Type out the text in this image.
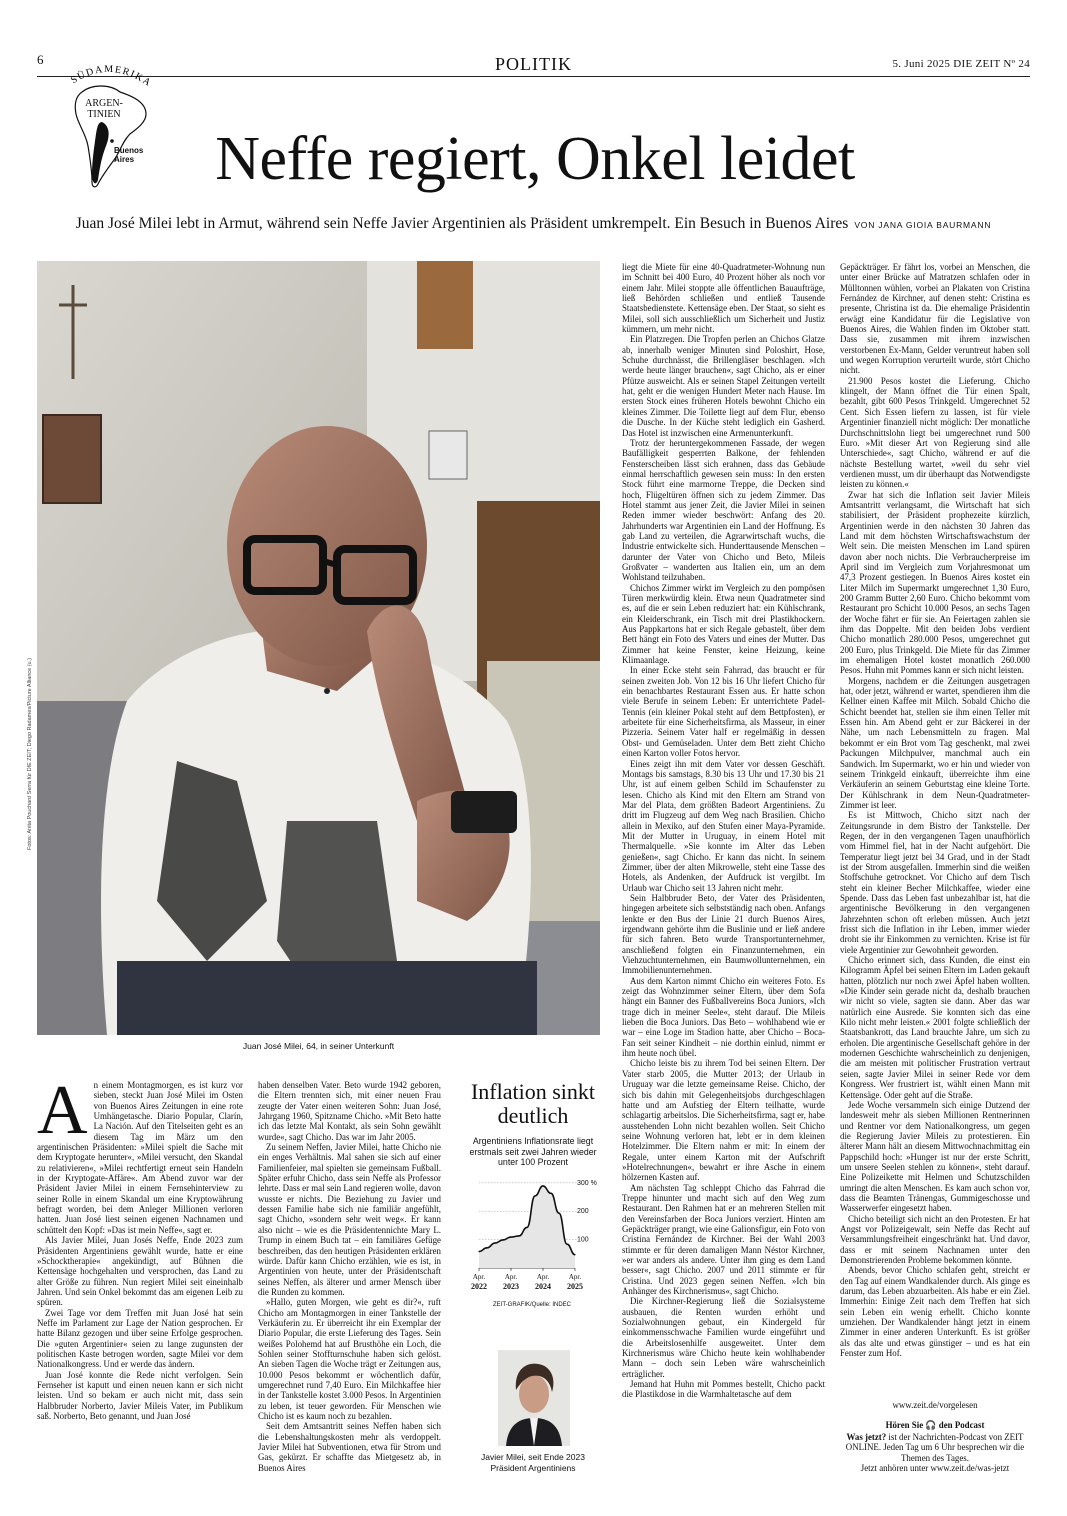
6	POLITIK	5. Juni 2025 DIE ZEIT Nº 24
SÜDAMERIKA
ARGEN-
TINIEN
Buenos
Aires	Neffe regiert, Onkel leidet
Juan José Milei lebt in Armut, während sein Neffe Javier Argentinien als Präsident umkrempelt. Ein Besuch in Buenos Aires VON JANA GIOIA BAURMANN
Fotos: Anita Pouchard Serra für DIE ZEIT; Diego Radames/Picture Alliance (u.)
Juan José Milei, 64, in seiner Unterkunft
A n einem Montagmorgen, es ist kurz vor sieben, steckt Juan José Milei im Osten von Buenos Aires Zeitungen in eine rote Umhängetasche. Diario Popular, Clarín, La Nación. Auf den Titelseiten geht es an diesem Tag im März um den argentinischen Präsidenten: »Milei spielt die Sache mit dem Kryptogate herunter«, »Milei versucht, den Skandal zu relativieren«, »Milei rechtfertigt erneut sein Handeln in der Kryptogate-Affäre«. Am Abend zuvor war der Präsident Javier Milei in einem Fernsehinterview zu seiner Rolle in einem Skandal um eine Kryptowährung befragt worden, bei dem Anleger Millionen verloren hatten. Juan José liest seinen eigenen Nachnamen und schüttelt den Kopf: »Das ist mein Neffe«, sagt er.

Als Javier Milei, Juan Josés Neffe, Ende 2023 zum Präsidenten Argentiniens gewählt wurde, hatte er eine »Schocktherapie« angekündigt, auf Bühnen die Kettensäge hochgehalten und versprochen, das Land zu alter Größe zu führen. Nun regiert Milei seit eineinhalb Jahren. Und sein Onkel bekommt das am eigenen Leib zu spüren.

Zwei Tage vor dem Treffen mit Juan José hat sein Neffe im Parlament zur Lage der Nation gesprochen. Er hatte Bilanz gezogen und über seine Erfolge gesprochen. Die »guten Argentinier« seien zu lange zugunsten der politischen Kaste betrogen worden, sagte Milei vor dem Nationalkongress. Und er werde das ändern.

Juan José konnte die Rede nicht verfolgen. Sein Fernseher ist kaputt und einen neuen kann er sich nicht leisten. Und so bekam er auch nicht mit, dass sein Halbbruder Norberto, Javier Mileis Vater, im Publikum saß. Norberto, Beto genannt, und Juan José

haben denselben Vater. Beto wurde 1942 geboren, die Eltern trennten sich, mit einer neuen Frau zeugte der Vater einen weiteren Sohn: Juan José, Jahrgang 1960, Spitzname Chicho. »Mit Beto hatte ich das letzte Mal Kontakt, als sein Sohn gewählt wurde«, sagt Chicho. Das war im Jahr 2005.

Zu seinem Neffen, Javier Milei, hatte Chicho nie ein enges Verhältnis. Mal sahen sie sich auf einer Familienfeier, mal spielten sie gemeinsam Fußball. Später erfuhr Chicho, dass sein Neffe als Professor lehrte. Dass er mal sein Land regieren wolle, davon wusste er nichts. Die Beziehung zu Javier und dessen Familie habe sich nie familiär angefühlt, sagt Chicho, »sondern sehr weit weg«. Er kann also nicht – wie es die Präsidentennichte Mary L. Trump in einem Buch tat – ein familiäres Gefüge beschreiben, das den heutigen Präsidenten erklären würde. Dafür kann Chicho erzählen, wie es ist, in Argentinien von heute, unter der Präsidentschaft seines Neffen, als älterer und armer Mensch über die Runden zu kommen.

»Hallo, guten Morgen, wie geht es dir?«, ruft Chicho am Montagmorgen in einer Tankstelle der Verkäuferin zu. Er überreicht ihr ein Exemplar der Diario Popular, die erste Lieferung des Tages. Sein weißes Polohemd hat auf Brusthöhe ein Loch, die Sohlen seiner Stoffturnschuhe haben sich gelöst. An sieben Tagen die Woche trägt er Zeitungen aus, 10.000 Pesos bekommt er wöchentlich dafür, umgerechnet rund 7,40 Euro. Ein Milchkaffee hier in der Tankstelle kostet 3.000 Pesos. In Argentinien zu leben, ist teuer geworden. Für Menschen wie Chicho ist es kaum noch zu bezahlen.

Seit dem Amtsantritt seines Neffen haben sich die Lebenshaltungskosten mehr als verdoppelt. Javier Milei hat Subventionen, etwa für Strom und Gas, gekürzt. Er schaffte das Mietgesetz ab, in Buenos Aires

Inflation sinkt
deutlich
Argentiniens Inflationsrate liegt erstmals seit zwei Jahren wieder unter 100 Prozent
300 %
200
100
Apr.
2022
Apr.
2023
Apr.
2024
Apr.
2025
ZEIT-GRAFIK/Quelle: INDEC
Javier Milei, seit Ende 2023
Präsident Argentiniens

liegt die Miete für eine 40-Quadratmeter-Wohnung nun im Schnitt bei 400 Euro, 40 Prozent höher als noch vor einem Jahr. Milei stoppte alle öffentlichen Bauaufträge, ließ Behörden schließen und entließ Tausende Staatsbedienstete. Kettensäge eben. Der Staat, so sieht es Milei, soll sich ausschließlich um Sicherheit und Justiz kümmern, um mehr nicht.

Ein Platzregen. Die Tropfen perlen an Chichos Glatze ab, innerhalb weniger Minuten sind Poloshirt, Hose, Schuhe durchnässt, die Brillengläser beschlagen. »Ich werde heute länger brauchen«, sagt Chicho, als er einer Pfütze ausweicht. Als er seinen Stapel Zeitungen verteilt hat, geht er die wenigen Hundert Meter nach Hause. Im ersten Stock eines früheren Hotels bewohnt Chicho ein kleines Zimmer. Die Toilette liegt auf dem Flur, ebenso die Dusche. In der Küche steht lediglich ein Gasherd. Das Hotel ist inzwischen eine Armenunterkunft.

Trotz der heruntergekommenen Fassade, der wegen Baufälligkeit gesperrten Balkone, der fehlenden Fensterscheiben lässt sich erahnen, dass das Gebäude einmal herrschaftlich gewesen sein muss: In den ersten Stock führt eine marmorne Treppe, die Decken sind hoch, Flügeltüren öffnen sich zu jedem Zimmer. Das Hotel stammt aus jener Zeit, die Javier Milei in seinen Reden immer wieder beschwört: Anfang des 20. Jahrhunderts war Argentinien ein Land der Hoffnung. Es gab Land zu verteilen, die Agrarwirtschaft wuchs, die Industrie entwickelte sich. Hunderttausende Menschen – darunter der Vater von Chicho und Beto, Mileis Großvater – wanderten aus Italien ein, um an dem Wohlstand teilzuhaben.

Chichos Zimmer wirkt im Vergleich zu den pompösen Türen merkwürdig klein. Etwa neun Quadratmeter sind es, auf die er sein Leben reduziert hat: ein Kühlschrank, ein Kleiderschrank, ein Tisch mit drei Plastikhockern. Aus Pappkartons hat er sich Regale gebastelt, über dem Bett hängt ein Foto des Vaters und eines der Mutter. Das Zimmer hat keine Fenster, keine Heizung, keine Klimaanlage.

In einer Ecke steht sein Fahrrad, das braucht er für seinen zweiten Job. Von 12 bis 16 Uhr liefert Chicho für ein benachbartes Restaurant Essen aus. Er hatte schon viele Berufe in seinem Leben: Er unterrichtete Padel-Tennis (ein kleiner Pokal steht auf dem Bettpfosten), er arbeitete für eine Sicherheitsfirma, als Masseur, in einer Pizzeria. Seinem Vater half er regelmäßig in dessen Obst- und Gemüseladen. Unter dem Bett zieht Chicho einen Karton voller Fotos hervor.

Eines zeigt ihn mit dem Vater vor dessen Geschäft. Montags bis samstags, 8.30 bis 13 Uhr und 17.30 bis 21 Uhr, ist auf einem gelben Schild im Schaufenster zu lesen. Chicho als Kind mit den Eltern am Strand von Mar del Plata, dem größten Badeort Argentiniens. Zu dritt im Flugzeug auf dem Weg nach Brasilien. Chicho allein in Mexiko, auf den Stufen einer Maya-Pyramide. Mit der Mutter in Uruguay, in einem Hotel mit Thermalquelle. »Sie konnte im Alter das Leben genießen«, sagt Chicho. Er kann das nicht. In seinem Zimmer, über der alten Mikrowelle, steht eine Tasse des Hotels, als Andenken, der Aufdruck ist vergilbt. Im Urlaub war Chicho seit 13 Jahren nicht mehr.

Sein Halbbruder Beto, der Vater des Präsidenten, hingegen arbeitete sich selbstständig nach oben. Anfangs lenkte er den Bus der Linie 21 durch Buenos Aires, irgendwann gehörte ihm die Buslinie und er ließ andere für sich fahren. Beto wurde Transportunternehmer, anschließend folgten ein Finanzunternehmen, ein Viehzuchtunternehmen, ein Baumwollunternehmen, ein Immobilienunternehmen.

Aus dem Karton nimmt Chicho ein weiteres Foto. Es zeigt das Wohnzimmer seiner Eltern, über dem Sofa hängt ein Banner des Fußballvereins Boca Juniors, »Ich trage dich in meiner Seele«, steht darauf. Die Mileis lieben die Boca Juniors. Das Beto – wohlhabend wie er war – eine Loge im Stadion hatte, aber Chicho – Boca-Fan seit seiner Kindheit – nie dorthin einlud, nimmt er ihm heute noch übel.

Chicho leiste bis zu ihrem Tod bei seinen Eltern. Der Vater starb 2005, die Mutter 2013; der Urlaub in Uruguay war die letzte gemeinsame Reise. Chicho, der sich bis dahin mit Gelegenheitsjobs durchgeschlagen hatte und am Aufstieg der Eltern teilhatte, wurde schlagartig arbeitslos. Die Sicherheitsfirma, sagt er, habe ausstehenden Lohn nicht bezahlen wollen. Seit Chicho seine Wohnung verloren hat, lebt er in dem kleinen Hotelzimmer. Die Eltern nahm er mit: In einem der Regale, unter einem Karton mit der Aufschrift »Hotelrechnungen«, bewahrt er ihre Asche in einem hölzernen Kasten auf.

Am nächsten Tag schleppt Chicho das Fahrrad die Treppe hinunter und macht sich auf den Weg zum Restaurant. Den Rahmen hat er an mehreren Stellen mit den Vereinsfarben der Boca Juniors verziert. Hinten am Gepäckträger prangt, wie eine Galionsfigur, ein Foto von Cristina Fernández de Kirchner. Bei der Wahl 2003 stimmte er für deren damaligen Mann Néstor Kirchner, »er war anders als andere. Unter ihm ging es dem Land besser«, sagt Chicho. 2007 und 2011 stimmte er für Cristina. Und 2023 gegen seinen Neffen. »Ich bin Anhänger des Kirchnerismus«, sagt Chicho.

Die Kirchner-Regierung ließ die Sozialsysteme ausbauen, die Renten wurden erhöht und Sozialwohnungen gebaut, ein Kindergeld für einkommensschwache Familien wurde eingeführt und die Arbeitslosenhilfe ausgeweitet. Unter dem Kirchnerismus wäre Chicho heute kein wohlhabender Mann – doch sein Leben wäre wahrscheinlich erträglicher.

Jemand hat Huhn mit Pommes bestellt, Chicho packt die Plastikdose in die Warmhaltetasche auf dem

Gepäckträger. Er fährt los, vorbei an Menschen, die unter einer Brücke auf Matratzen schlafen oder in Mülltonnen wühlen, vorbei an Plakaten von Cristina Fernández de Kirchner, auf denen steht: Cristina es presente, Christina ist da. Die ehemalige Präsidentin erwägt eine Kandidatur für die Legislative von Buenos Aires, die Wahlen finden im Oktober statt. Dass sie, zusammen mit ihrem inzwischen verstorbenen Ex-Mann, Gelder veruntreut haben soll und wegen Korruption verurteilt wurde, stört Chicho nicht.

21.900 Pesos kostet die Lieferung. Chicho klingelt, der Mann öffnet die Tür einen Spalt, bezahlt, gibt 600 Pesos Trinkgeld. Umgerechnet 52 Cent. Sich Essen liefern zu lassen, ist für viele Argentinier finanziell nicht möglich: Der monatliche Durchschnittslohn liegt bei umgerechnet rund 500 Euro. »Mit dieser Art von Regierung sind alle Unterschiede«, sagt Chicho, während er auf die nächste Bestellung wartet, »weil du sehr viel verdienen musst, um dir überhaupt das Notwendigste leisten zu können.«

Zwar hat sich die Inflation seit Javier Mileis Amtsantritt verlangsamt, die Wirtschaft hat sich stabilisiert, der Präsident prophezeite kürzlich, Argentinien werde in den nächsten 30 Jahren das Land mit dem höchsten Wirtschaftswachstum der Welt sein. Die meisten Menschen im Land spüren davon aber noch nichts. Die Verbraucherpreise im April sind im Vergleich zum Vorjahresmonat um 47,3 Prozent gestiegen. In Buenos Aires kostet ein Liter Milch im Supermarkt umgerechnet 1,30 Euro, 200 Gramm Butter 2,60 Euro. Chicho bekommt vom Restaurant pro Schicht 10.000 Pesos, an sechs Tagen der Woche fährt er für sie. An Feiertagen zahlen sie ihm das Doppelte. Mit den beiden Jobs verdient Chicho monatlich 280.000 Pesos, umgerechnet gut 200 Euro, plus Trinkgeld. Die Miete für das Zimmer im ehemaligen Hotel kostet monatlich 260.000 Pesos. Huhn mit Pommes kann er sich nicht leisten.

Morgens, nachdem er die Zeitungen ausgetragen hat, oder jetzt, während er wartet, spendieren ihm die Kellner einen Kaffee mit Milch. Sobald Chicho die Schicht beendet hat, stellen sie ihm einen Teller mit Essen hin. Am Abend geht er zur Bäckerei in der Nähe, um nach Lebensmitteln zu fragen. Mal bekommt er ein Brot vom Tag geschenkt, mal zwei Packungen Milchpulver, manchmal auch ein Sandwich. Im Supermarkt, wo er hin und wieder von seinem Trinkgeld einkauft, überreichte ihm eine Verkäuferin an seinem Geburtstag eine kleine Torte. Der Kühlschrank in dem Neun-Quadratmeter-Zimmer ist leer.

Es ist Mittwoch, Chicho sitzt nach der Zeitungsrunde in dem Bistro der Tankstelle. Der Regen, der in den vergangenen Tagen unaufhörlich vom Himmel fiel, hat in der Nacht aufgehört. Die Temperatur liegt jetzt bei 34 Grad, und in der Stadt ist der Strom ausgefallen. Immerhin sind die weißen Stoffschuhe getrocknet. Vor Chicho auf dem Tisch steht ein kleiner Becher Milchkaffee, wieder eine Spende. Dass das Leben fast unbezahlbar ist, hat die argentinische Bevölkerung in den vergangenen Jahrzehnten schon oft erleben müssen. Auch jetzt frisst sich die Inflation in ihr Leben, immer wieder droht sie ihr Einkommen zu vernichten. Krise ist für viele Argentinier zur Gewohnheit geworden.

Chicho erinnert sich, dass Kunden, die einst ein Kilogramm Äpfel bei seinen Eltern im Laden gekauft hatten, plötzlich nur noch zwei Äpfel haben wollten. »Die Kinder sein gerade nicht da, deshalb brauchen wir nicht so viele, sagten sie dann. Aber das war natürlich eine Ausrede. Sie konnten sich das eine Kilo nicht mehr leisten.« 2001 folgte schließlich der Staatsbankrott, das Land brauchte Jahre, um sich zu erholen. Die argentinische Gesellschaft gehöre in der modernen Geschichte wahrscheinlich zu denjenigen, die am meisten mit politischer Frustration vertraut seien, sagte Javier Milei in seiner Rede vor dem Kongress. Wer frustriert ist, wählt einen Mann mit Kettensäge. Oder geht auf die Straße.

Jede Woche versammeln sich einige Dutzend der landesweit mehr als sieben Millionen Rentnerinnen und Rentner vor dem Nationalkongress, um gegen die Regierung Javier Mileis zu protestieren. Ein älterer Mann hält an diesem Mittwochnachmittag ein Pappschild hoch: »Hunger ist nur der erste Schritt, um unsere Seelen stehlen zu können«, steht darauf. Eine Polizeikette mit Helmen und Schutzschilden umringt die alten Menschen. Es kam auch schon vor, dass die Beamten Tränengas, Gummigeschosse und Wasserwerfer eingesetzt haben.

Chicho beteiligt sich nicht an den Protesten. Er hat Angst vor Polizeigewalt, sein Neffe das Recht auf Versammlungsfreiheit eingeschränkt hat. Und davor, dass er mit seinem Nachnamen unter den Demonstrierenden Probleme bekommen könnte.

Abends, bevor Chicho schlafen geht, streicht er den Tag auf einem Wandkalender durch. Als ginge es darum, das Leben abzuarbeiten. Als habe er ein Ziel. Immerhin: Einige Zeit nach dem Treffen hat sich sein Leben ein wenig erhellt. Chicho konnte umziehen. Der Wandkalender hängt jetzt in einem Zimmer in einer anderen Unterkunft. Es ist größer als das alte und etwas günstiger – und es hat ein Fenster zum Hof.

www.zeit.de/vorgelesen
Hören Sie 🎧 den Podcast
Was jetzt? ist der Nachrichten-Podcast von ZEIT ONLINE. Jeden Tag um 6 Uhr besprechen wir die Themen des Tages.
Jetzt anhören unter www.zeit.de/was-jetzt
